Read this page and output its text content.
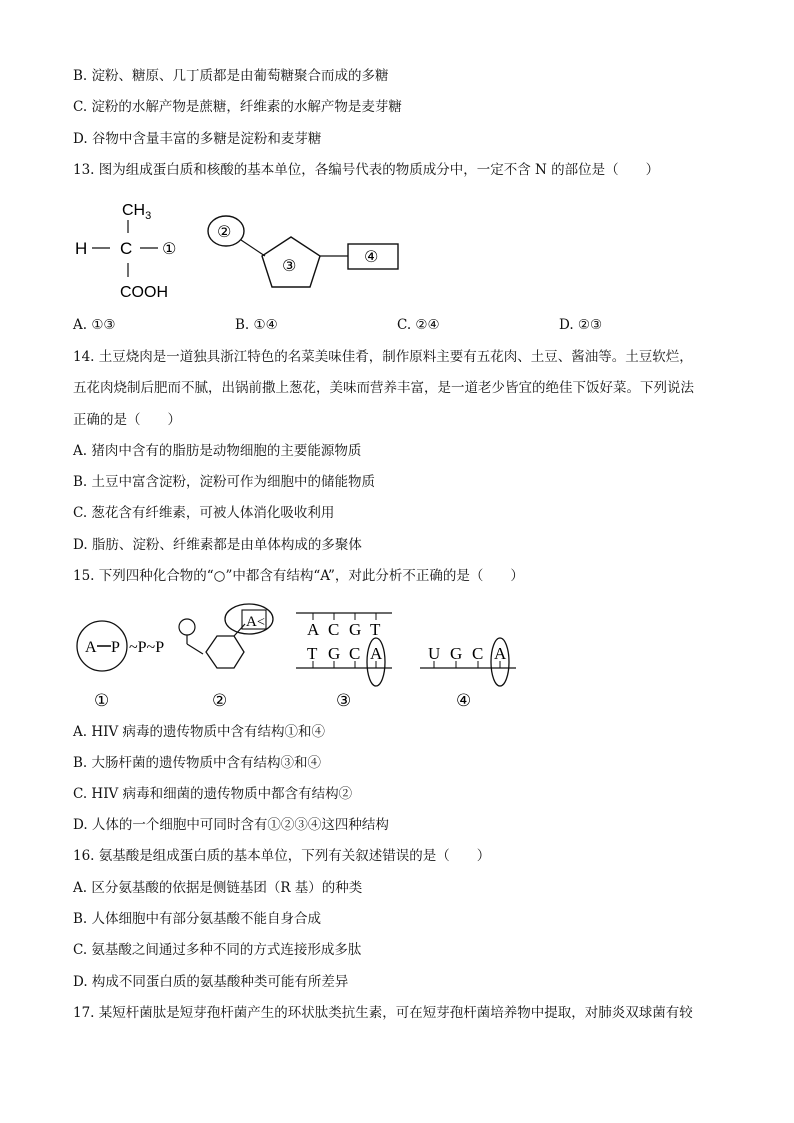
B. 淀粉、糖原、几丁质都是由葡萄糖聚合而成的多糖
C. 淀粉的水解产物是蔗糖，纤维素的水解产物是麦芽糖
D. 谷物中含量丰富的多糖是淀粉和麦芽糖
13. 图为组成蛋白质和核酸的基本单位，各编号代表的物质成分中，一定不含 N 的部位是（　　）
$CH_3$
H C ①
COOH
②
③
④
A. ①③	B. ①④	C. ②④	D. ②③
14. 土豆烧肉是一道独具浙江特色的名菜美味佳肴，制作原料主要有五花肉、土豆、酱油等。土豆软烂，
五花肉烧制后肥而不腻，出锅前撒上葱花，美味而营养丰富，是一道老少皆宜的绝佳下饭好菜。下列说法
正确的是（　　）
A. 猪肉中含有的脂肪是动物细胞的主要能源物质
B. 土豆中富含淀粉，淀粉可作为细胞中的储能物质
C. 葱花含有纤维素，可被人体消化吸收利用
D. 脂肪、淀粉、纤维素都是由单体构成的多聚体
15. 下列四种化合物的“○”中都含有结构“A”，对此分析不正确的是（　　）
A P ~P~P
①
A <
②
A C G T
T G C A
③
U G C A
④
A. HIV 病毒的遗传物质中含有结构①和④
B. 大肠杆菌的遗传物质中含有结构③和④
C. HIV 病毒和细菌的遗传物质中都含有结构②
D. 人体的一个细胞中可同时含有①②③④这四种结构
16. 氨基酸是组成蛋白质的基本单位，下列有关叙述错误的是（　　）
A. 区分氨基酸的依据是侧链基团（R 基）的种类
B. 人体细胞中有部分氨基酸不能自身合成
C. 氨基酸之间通过多种不同的方式连接形成多肽
D. 构成不同蛋白质的氨基酸种类可能有所差异
17. 某短杆菌肽是短芽孢杆菌产生的环状肽类抗生素，可在短芽孢杆菌培养物中提取，对肺炎双球菌有较
